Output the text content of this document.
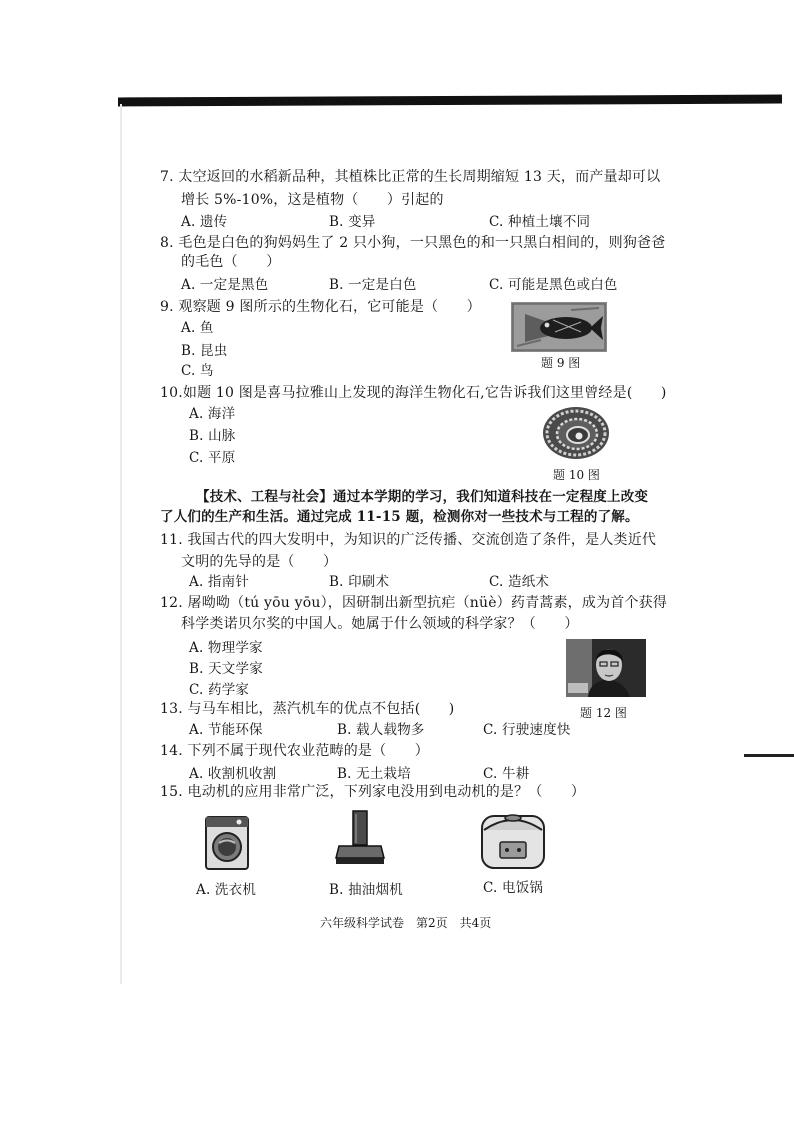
7. 太空返回的水稻新品种，其植株比正常的生长周期缩短 13 天，而产量却可以
增长 5%-10%，这是植物（　　）引起的
A. 遗传	B. 变异	C. 种植土壤不同
8. 毛色是白色的狗妈妈生了 2 只小狗，一只黑色的和一只黑白相间的，则狗爸爸
的毛色（　　）
A. 一定是黑色	B. 一定是白色	C. 可能是黑色或白色
9. 观察题 9 图所示的生物化石，它可能是（　　）
A. 鱼
B. 昆虫
C. 鸟	题 9 图
10.如题 10 图是喜马拉雅山上发现的海洋生物化石,它告诉我们这里曾经是(　　)
A. 海洋
B. 山脉
C. 平原
题 10 图
【技术、工程与社会】通过本学期的学习，我们知道科技在一定程度上改变
了人们的生产和生活。通过完成 11-15 题，检测你对一些技术与工程的了解。
11. 我国古代的四大发明中，为知识的广泛传播、交流创造了条件，是人类近代
文明的先导的是（　　）
A. 指南针	B. 印刷术	C. 造纸术
12. 屠呦呦（tú yōu yōu），因研制出新型抗疟（nüè）药青蒿素，成为首个获得
科学类诺贝尔奖的中国人。她属于什么领域的科学家？（　　）
A. 物理学家
B. 天文学家
C. 药学家
题 12 图
13. 与马车相比，蒸汽机车的优点不包括(　　)
A. 节能环保	B. 载人载物多	C. 行驶速度快
14. 下列不属于现代农业范畴的是（　　）
A. 收割机收割	B. 无土栽培	C. 牛耕
15. 电动机的应用非常广泛，下列家电没用到电动机的是？（　　）
A. 洗衣机	B. 抽油烟机	C. 电饭锅
六年级科学试卷　第2页　共4页
